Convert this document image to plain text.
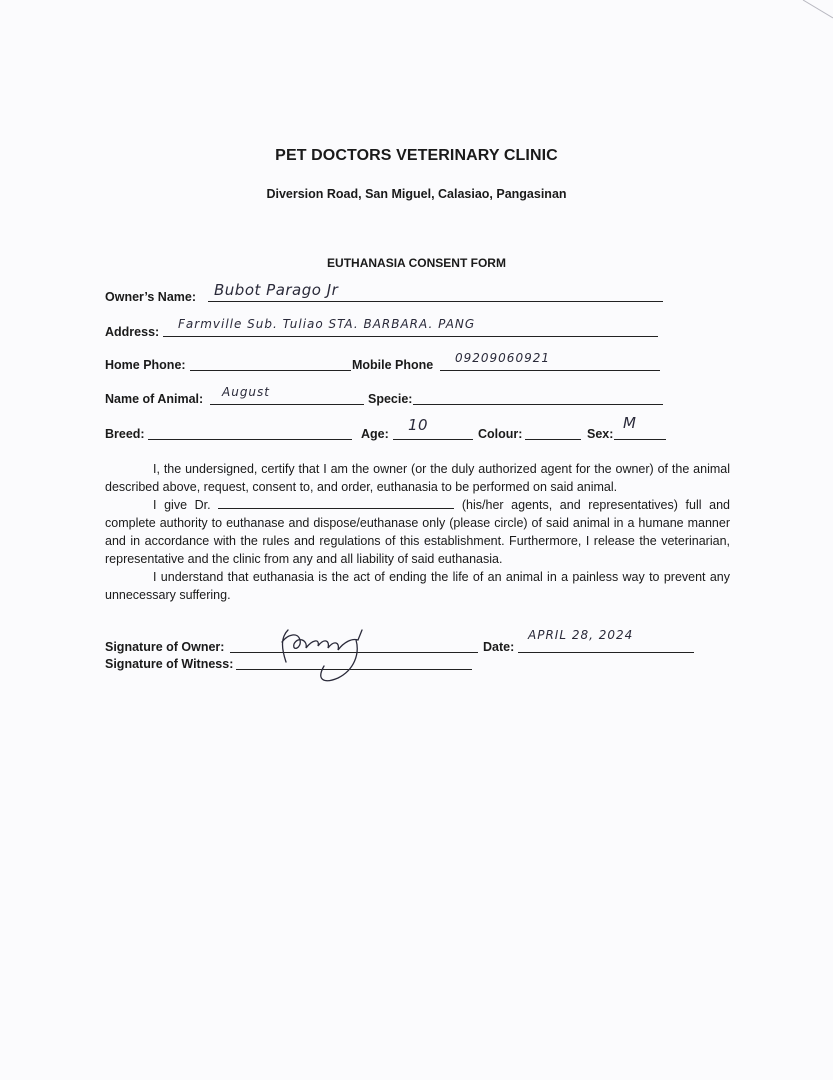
PET DOCTORS VETERINARY CLINIC
Diversion Road, San Miguel, Calasiao, Pangasinan
EUTHANASIA CONSENT FORM
Owner’s Name: Bubot Parago Jr
Address:
Farmville Sub. Tuliao STA. BARBARA. PANG
Home Phone:	Mobile Phone 09209060921
Name of Animal: August	Specie:
Breed:	Age: 10	Colour:	Sex:
M

I, the undersigned, certify that I am the owner (or the duly authorized agent for the owner) of the animal described above, request, consent to, and order, euthanasia to be performed on said animal.

I give Dr.	(his/her agents, and representatives) full and complete authority to euthanase and dispose/euthanase only (please circle) of said animal in a humane manner and in accordance with the rules and regulations of this establishment. Furthermore, I release the veterinarian, representative and the clinic from any and all liability of said euthanasia.

I understand that euthanasia is the act of ending the life of an animal in a painless way to prevent any unnecessary suffering.

Signature of Owner:
Signature of Witness:
Date:
APRIL 28, 2024
